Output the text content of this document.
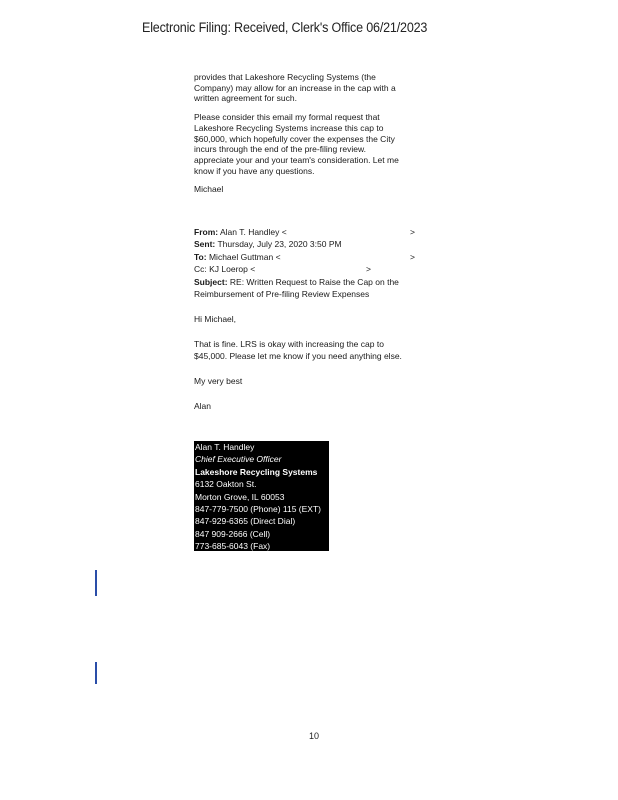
Electronic Filing: Received, Clerk's Office 06/21/2023
provides that Lakeshore Recycling Systems (the
Company) may allow for an increase in the cap with a
written agreement for such.
Please consider this email my formal request that
Lakeshore Recycling Systems increase this cap to
$60,000, which hopefully cover the expenses the City
incurs through the end of the pre-filing review.
appreciate your and your team's consideration. Let me
know if you have any questions.
Michael
From: Alan T. Handley <	>
Sent: Thursday, July 23, 2020 3:50 PM
To: Michael Guttman <	>
Cc: KJ Loerop <	>
Subject: RE: Written Request to Raise the Cap on the
Reimbursement of Pre-filing Review Expenses

Hi Michael,

That is fine. LRS is okay with increasing the cap to
$45,000. Please let me know if you need anything else.

My very best

Alan

Alan T. Handley
Chief Executive Officer
Lakeshore Recycling Systems
6132 Oakton St.
Morton Grove, IL 60053
847-779-7500 (Phone) 115 (EXT)
847-929-6365 (Direct Dial)
847 909-2666 (Cell)
773-685-6043 (Fax)
10
